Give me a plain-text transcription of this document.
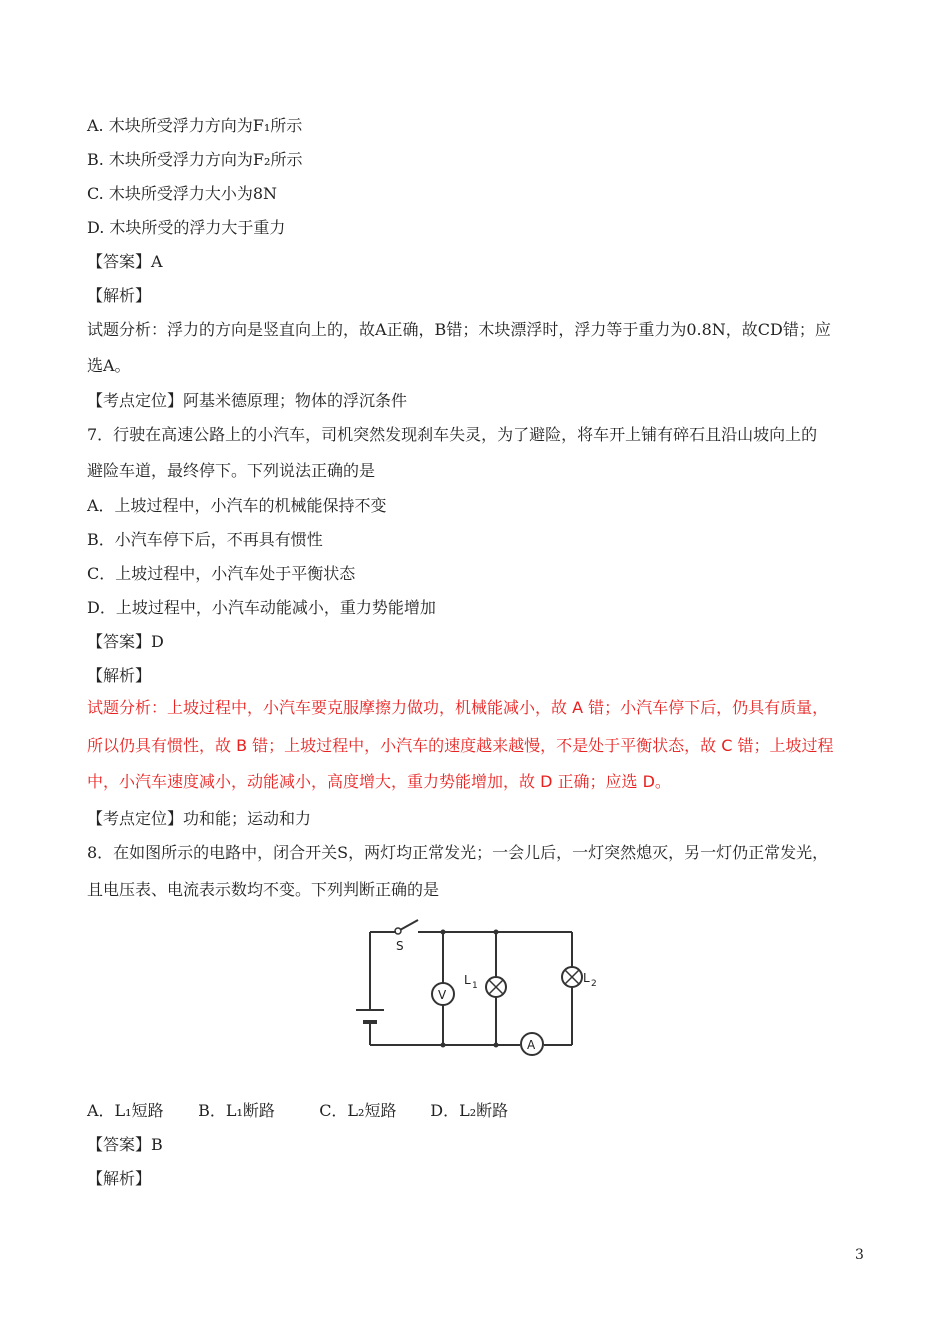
A. 木块所受浮力方向为F₁所示
B. 木块所受浮力方向为F₂所示
C. 木块所受浮力大小为8N
D. 木块所受的浮力大于重力
【答案】A
【解析】
试题分析：浮力的方向是竖直向上的，故A正确，B错；木块漂浮时，浮力等于重力为0.8N，故CD错；应
选A。
【考点定位】阿基米德原理；物体的浮沉条件
7．行驶在高速公路上的小汽车，司机突然发现刹车失灵，为了避险，将车开上铺有碎石且沿山坡向上的
避险车道，最终停下。下列说法正确的是
A．上坡过程中，小汽车的机械能保持不变
B．小汽车停下后，不再具有惯性
C．上坡过程中，小汽车处于平衡状态
D．上坡过程中，小汽车动能减小，重力势能增加
【答案】D
【解析】
试题分析：上坡过程中，小汽车要克服摩擦力做功，机械能减小，故 A 错；小汽车停下后，仍具有质量，
所以仍具有惯性，故 B 错；上坡过程中，小汽车的速度越来越慢，不是处于平衡状态，故 C 错；上坡过程
中，小汽车速度减小，动能减小，高度增大，重力势能增加，故 D 正确；应选 D。
【考点定位】功和能；运动和力
8．在如图所示的电路中，闭合开关S，两灯均正常发光；一会儿后，一灯突然熄灭，另一灯仍正常发光，
且电压表、电流表示数均不变。下列判断正确的是
S
V
A
L 1
L 2
A．L₁短路 B．L₁断路	C．L₂短路 D．L₂断路
【答案】B
【解析】
3
